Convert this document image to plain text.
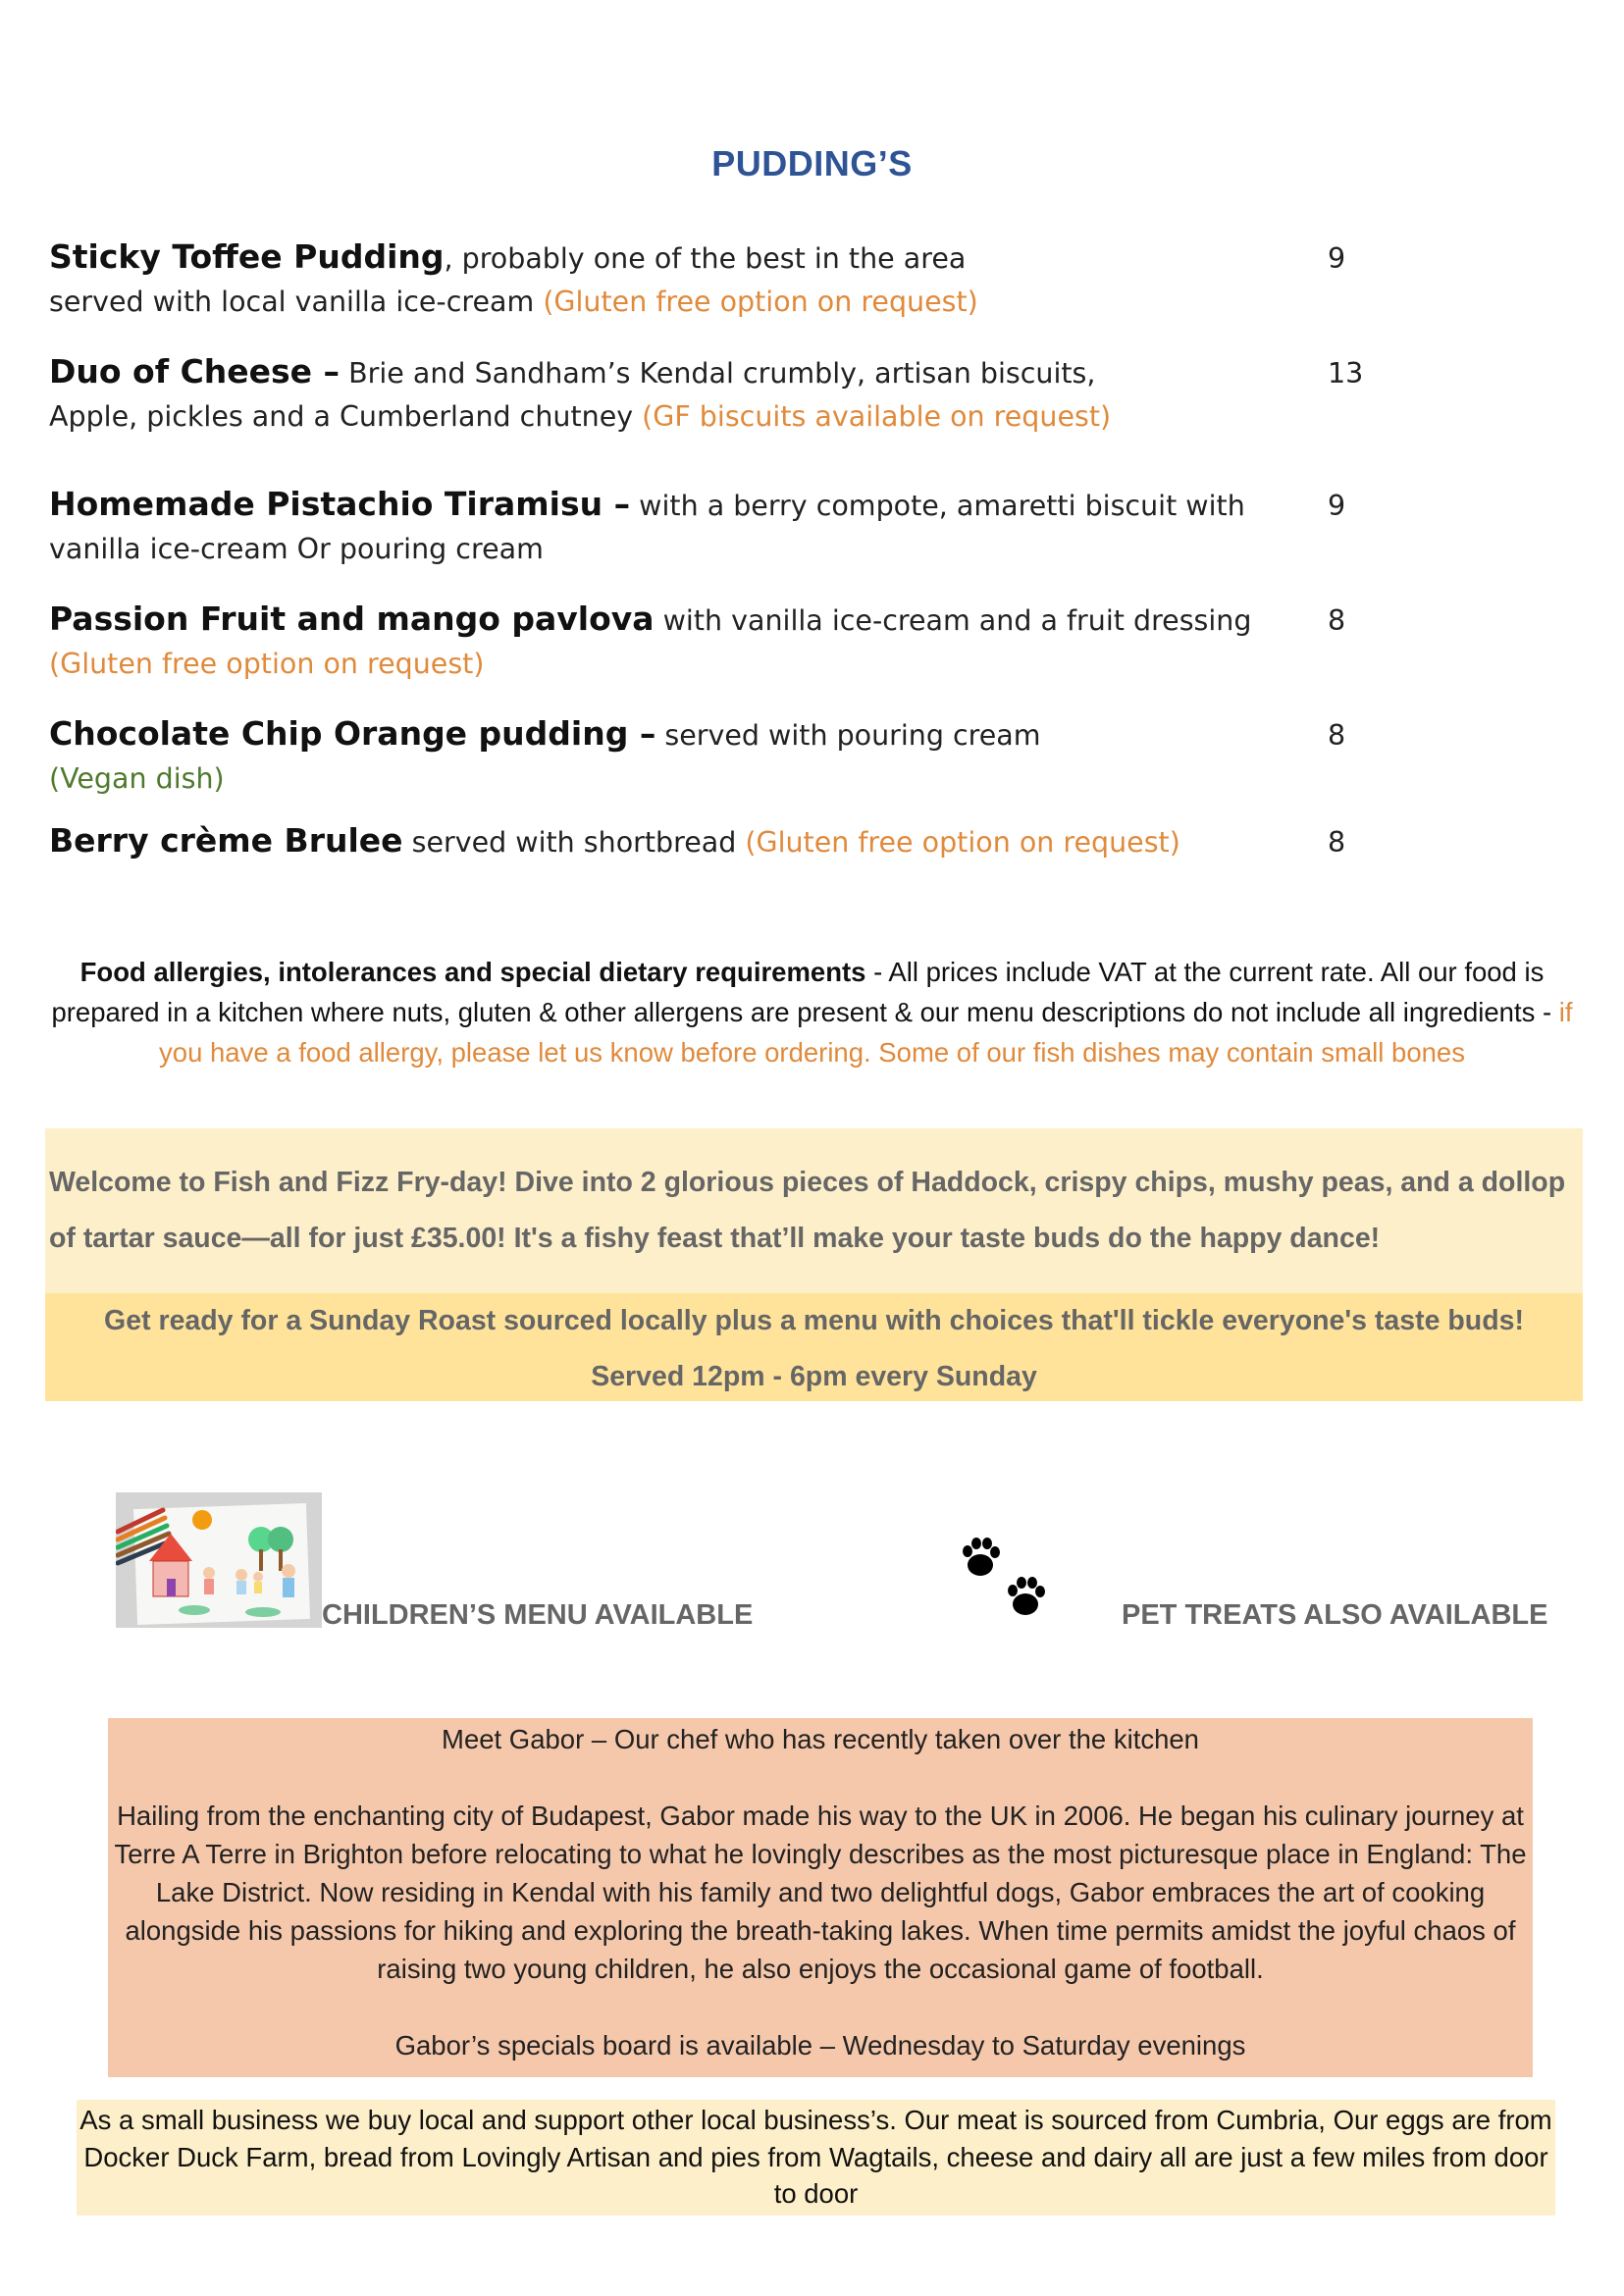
PUDDING’S
Sticky Toffee Pudding, probably one of the best in the area
served with local vanilla ice-cream (Gluten free option on request)
9
Duo of Cheese – Brie and Sandham’s Kendal crumbly, artisan biscuits,
Apple, pickles and a Cumberland chutney (GF biscuits available on request)
13
Homemade Pistachio Tiramisu – with a berry compote, amaretti biscuit with
vanilla ice-cream Or pouring cream
9
Passion Fruit and mango pavlova with vanilla ice-cream and a fruit dressing
(Gluten free option on request)
8
Chocolate Chip Orange pudding – served with pouring cream
(Vegan dish)
8
Berry crème Brulee served with shortbread (Gluten free option on request)	8
Food allergies, intolerances and special dietary requirements - All prices include VAT at the current rate. All our food is prepared in a kitchen where nuts, gluten & other allergens are present & our menu descriptions do not include all ingredients - if you have a food allergy, please let us know before ordering. Some of our fish dishes may contain small bones

Welcome to Fish and Fizz Fry-day! Dive into 2 glorious pieces of Haddock, crispy chips, mushy peas, and a dollop of tartar sauce—all for just £35.00! It's a fishy feast that’ll make your taste buds do the happy dance!

Get ready for a Sunday Roast sourced locally plus a menu with choices that'll tickle everyone's taste buds!

Served 12pm - 6pm every Sunday

CHILDREN’S MENU AVAILABLE	PET TREATS ALSO AVAILABLE

Meet Gabor – Our chef who has recently taken over the kitchen

Hailing from the enchanting city of Budapest, Gabor made his way to the UK in 2006. He began his culinary journey at Terre A Terre in Brighton before relocating to what he lovingly describes as the most picturesque place in England: The Lake District. Now residing in Kendal with his family and two delightful dogs, Gabor embraces the art of cooking alongside his passions for hiking and exploring the breath-taking lakes. When time permits amidst the joyful chaos of raising two young children, he also enjoys the occasional game of football.

Gabor’s specials board is available – Wednesday to Saturday evenings

As a small business we buy local and support other local business’s. Our meat is sourced from Cumbria, Our eggs are from Docker Duck Farm, bread from Lovingly Artisan and pies from Wagtails, cheese and dairy all are just a few miles from door to door
